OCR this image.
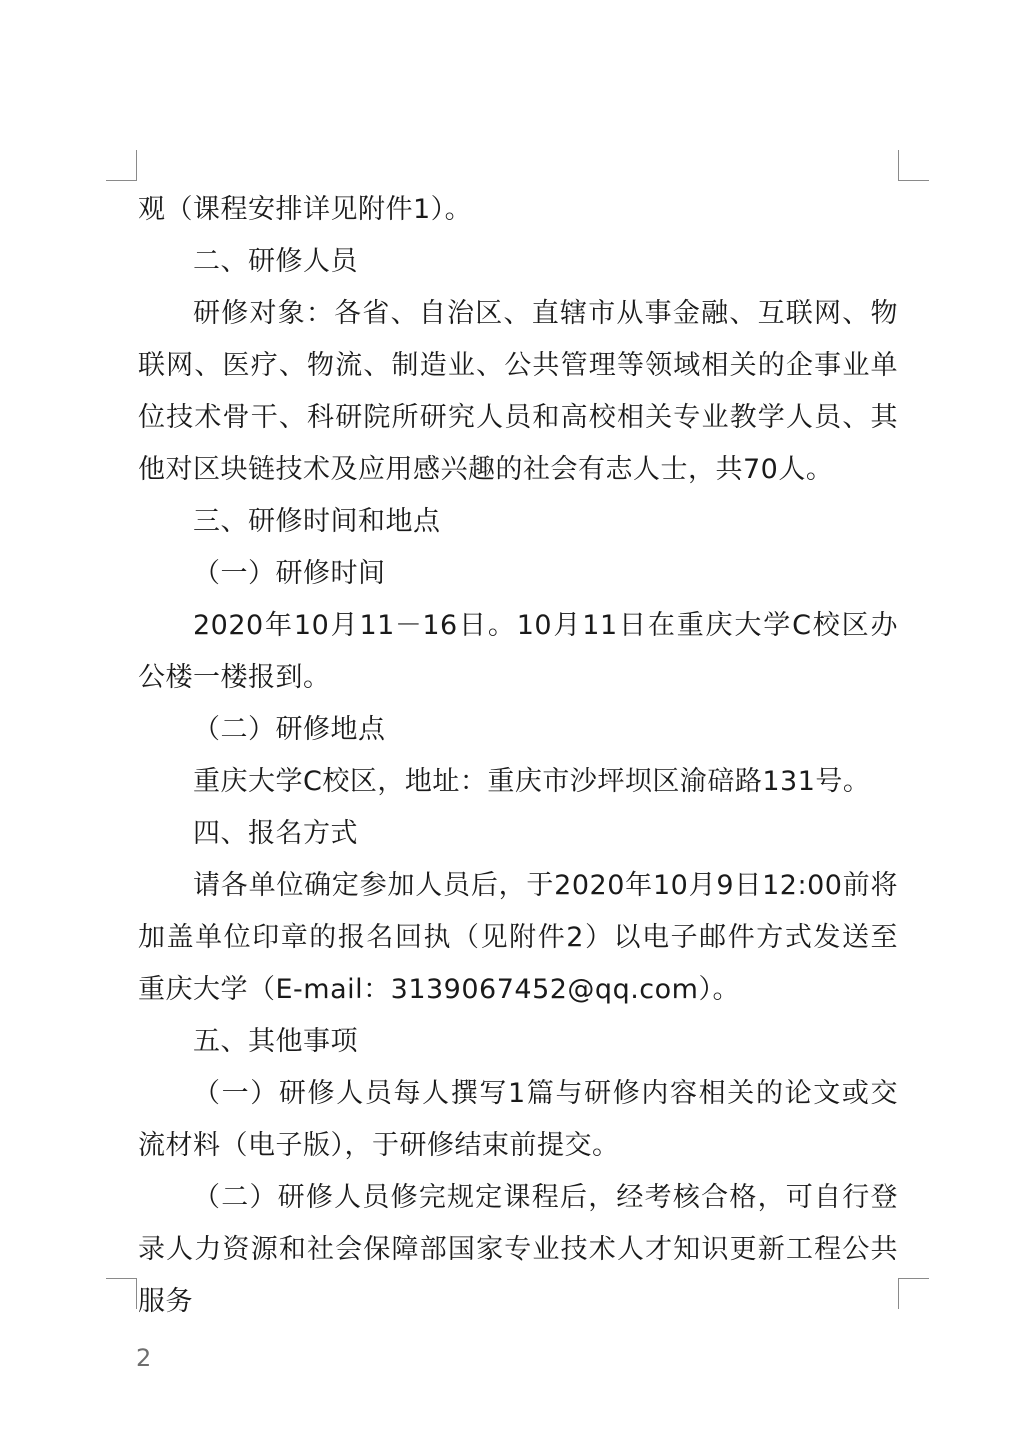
观（课程安排详见附件1）。

二、研修人员

研修对象：各省、自治区、直辖市从事金融、互联网、物联网、医疗、物流、制造业、公共管理等领域相关的企事业单位技术骨干、科研院所研究人员和高校相关专业教学人员、其他对区块链技术及应用感兴趣的社会有志人士，共70人。

三、研修时间和地点

（一）研修时间

2020年10月11－16日。10月11日在重庆大学C校区办公楼一楼报到。

（二）研修地点

重庆大学C校区，地址：重庆市沙坪坝区渝碚路131号。

四、报名方式

请各单位确定参加人员后，于2020年10月9日12:00前将加盖单位印章的报名回执（见附件2）以电子邮件方式发送至重庆大学（E-mail：3139067452@qq.com）。

五、其他事项

（一）研修人员每人撰写1篇与研修内容相关的论文或交流材料（电子版），于研修结束前提交。

（二）研修人员修完规定课程后，经考核合格，可自行登录人力资源和社会保障部国家专业技术人才知识更新工程公共服务

2
